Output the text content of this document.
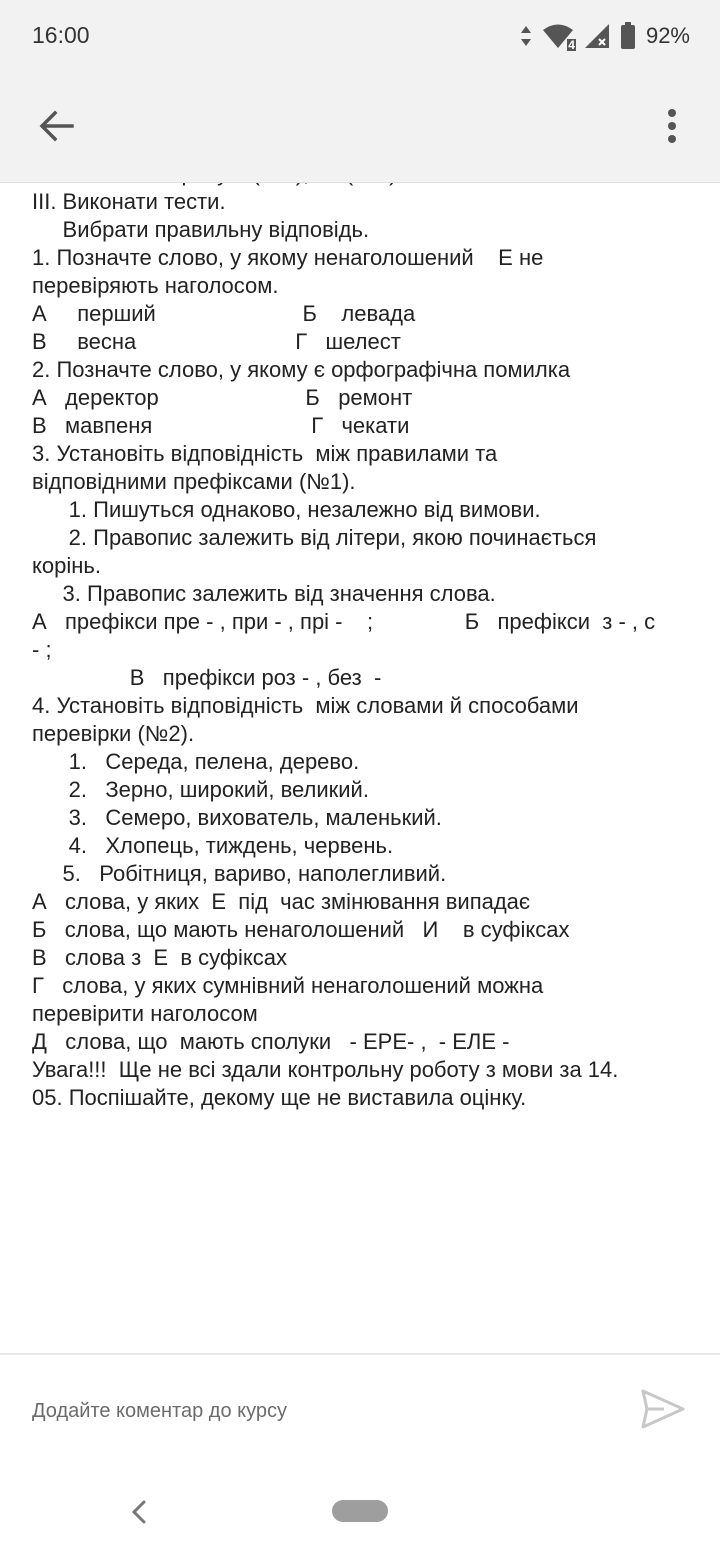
16:00	4	92%

III. Виконати тести.

Вибрати правильну відповідь.

1. Позначте слово, у якому ненаголошений    Е не

перевіряють наголосом.

А     перший                        Б    левада

В     весна                          Г   шелест

2. Позначте слово, у якому є орфографічна помилка

А   деректор                        Б   ремонт

В   мавпеня                          Г   чекати

3. Установіть відповідність  між правилами та

відповідними префіксами (№1).

1. Пишуться однаково, незалежно від вимови.

2. Правопис залежить від літери, якою починається

корінь.

3. Правопис залежить від значення слова.

А   префікси пре - , при - , прі -    ;               Б   префікси  з - , с

- ;

В   префікси роз - , без  -

4. Установіть відповідність  між словами й способами

перевірки (№2).

1.   Середа, пелена, дерево.

2.   Зерно, широкий, великий.

3.   Семеро, вихователь, маленький.

4.   Хлопець, тиждень, червень.

5.   Робітниця, вариво, наполегливий.

А   слова, у яких  Е  під  час змінювання випадає

Б   слова, що мають ненаголошений   И    в суфіксах

В   слова з  Е  в суфіксах

Г   слова, у яких сумнівний ненаголошений можна

перевірити наголосом

Д   слова, що  мають сполуки   - ЕРЕ- ,  - ЕЛЕ -

Увага!!!  Ще не всі здали контрольну роботу з мови за 14.

05. Поспішайте, декому ще не виставила оцінку.

Додайте коментар до курсу
